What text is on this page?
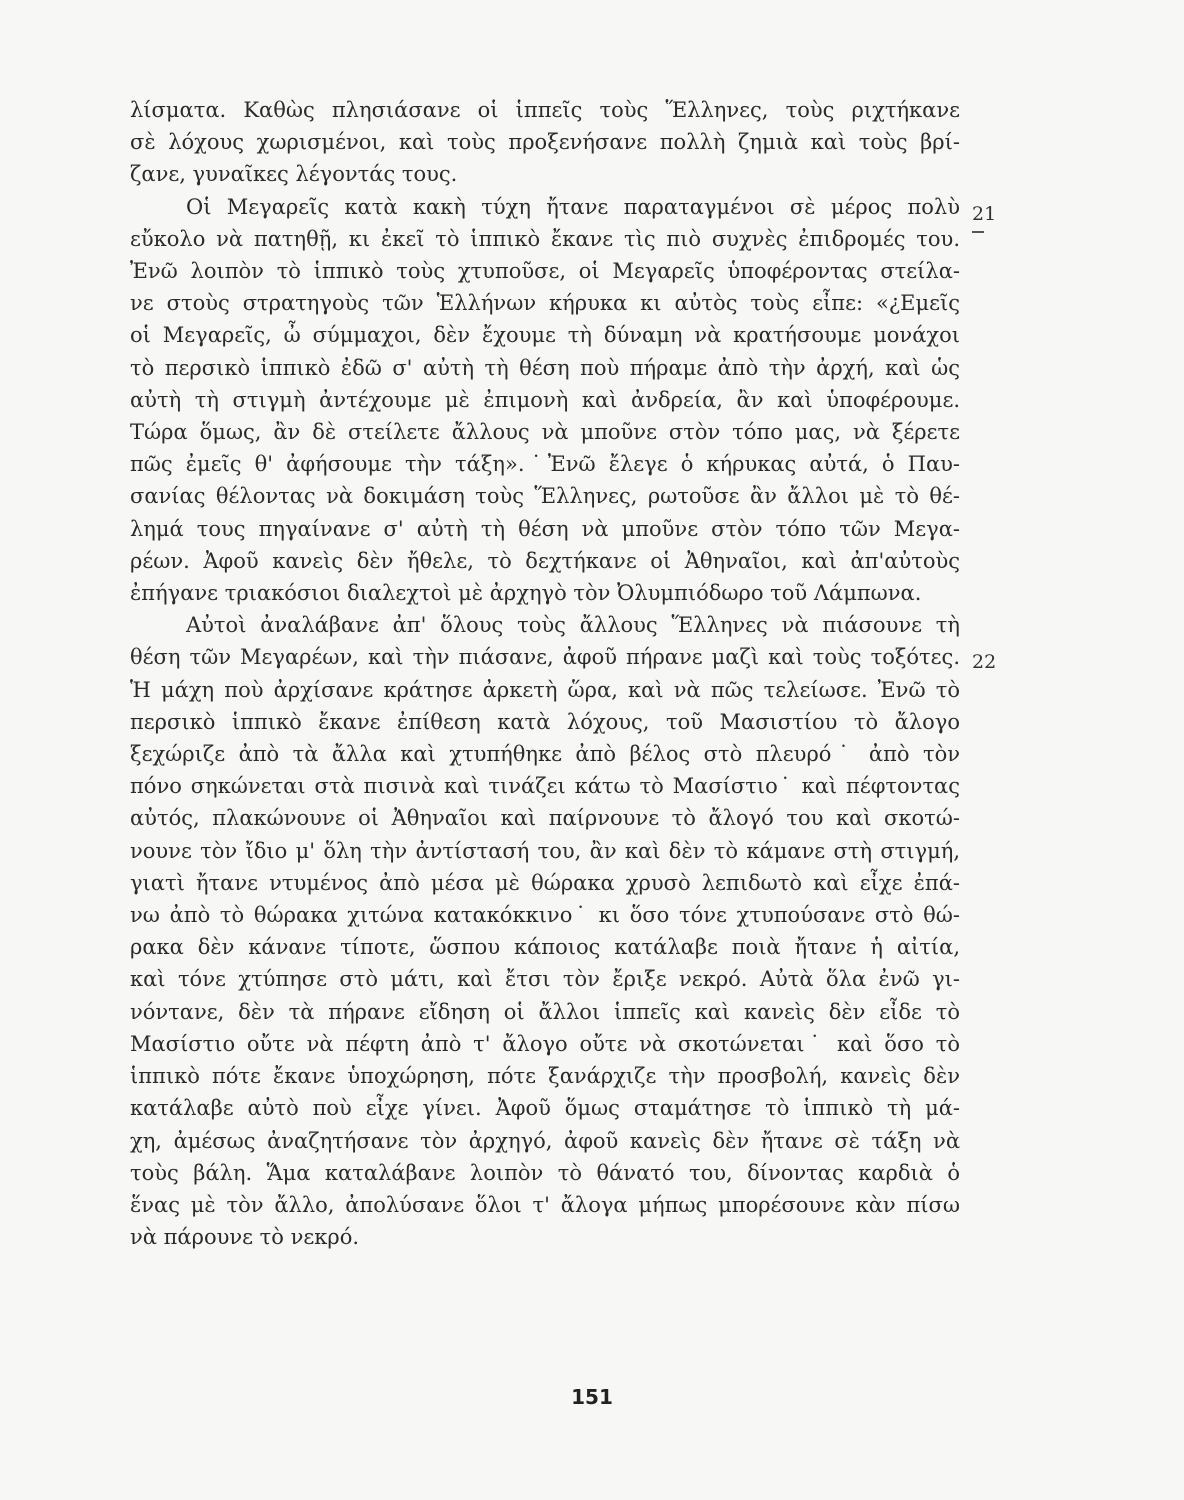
λίσματα. Καθὼς πλησιάσανε οἱ ἱππεῖς τοὺς Ἕλληνες, τοὺς ριχτήκανε
σὲ λόχους χωρισμένοι, καὶ τοὺς προξενήσανε πολλὴ ζημιὰ καὶ τοὺς βρί-
ζανε, γυναῖκες λέγοντάς τους.
Οἱ Μεγαρεῖς κατὰ κακὴ τύχη ἤτανε παραταγμένοι σὲ μέρος πολὺ
εὔκολο νὰ πατηθῇ, κι ἐκεῖ τὸ ἱππικὸ ἔκανε τὶς πιὸ συχνὲς ἐπιδρομές του.
Ἐνῶ λοιπὸν τὸ ἱππικὸ τοὺς χτυποῦσε, οἱ Μεγαρεῖς ὑποφέροντας στείλα-
νε στοὺς στρατηγοὺς τῶν Ἑλλήνων κήρυκα κι αὐτὸς τοὺς εἶπε: «¿Εμεῖς
οἱ Μεγαρεῖς, ὦ σύμμαχοι, δὲν ἔχουμε τὴ δύναμη νὰ κρατήσουμε μονάχοι
τὸ περσικὸ ἱππικὸ ἐδῶ σ' αὐτὴ τὴ θέση ποὺ πήραμε ἀπὸ τὴν ἀρχή, καὶ ὡς
αὐτὴ τὴ στιγμὴ ἀντέχουμε μὲ ἐπιμονὴ καὶ ἀνδρεία, ἂν καὶ ὑποφέρουμε.
Τώρα ὅμως, ἂν δὲ στείλετε ἄλλους νὰ μποῦνε στὸν τόπο μας, νὰ ξέρετε
πῶς ἐμεῖς θ' ἀφήσουμε τὴν τάξη».˙Ἐνῶ ἔλεγε ὁ κήρυκας αὐτά, ὁ Παυ-
σανίας θέλοντας νὰ δοκιμάση τοὺς Ἕλληνες, ρωτοῦσε ἂν ἄλλοι μὲ τὸ θέ-
λημά τους πηγαίνανε σ' αὐτὴ τὴ θέση νὰ μποῦνε στὸν τόπο τῶν Μεγα-
ρέων. Ἀφοῦ κανεὶς δὲν ἤθελε, τὸ δεχτήκανε οἱ Ἀθηναῖοι, καὶ ἀπ'αὐτοὺς
ἐπήγανε τριακόσιοι διαλεχτοὶ μὲ ἀρχηγὸ τὸν Ὀλυμπιόδωρο τοῦ Λάμπωνα.
Αὐτοὶ ἀναλάβανε ἀπ' ὅλους τοὺς ἄλλους Ἕλληνες νὰ πιάσουνε τὴ
θέση τῶν Μεγαρέων, καὶ τὴν πιάσανε, ἀφοῦ πήρανε μαζὶ καὶ τοὺς τοξότες.
Ἡ μάχη ποὺ ἀρχίσανε κράτησε ἀρκετὴ ὥρα, καὶ νὰ πῶς τελείωσε. Ἐνῶ τὸ
περσικὸ ἱππικὸ ἔκανε ἐπίθεση κατὰ λόχους, τοῦ Μασιστίου τὸ ἄλογο
ξεχώριζε ἀπὸ τὰ ἄλλα καὶ χτυπήθηκε ἀπὸ βέλος στὸ πλευρό˙ ἀπὸ τὸν
πόνο σηκώνεται στὰ πισινὰ καὶ τινάζει κάτω τὸ Μασίστιο˙ καὶ πέφτοντας
αὐτός, πλακώνουνε οἱ Ἀθηναῖοι καὶ παίρνουνε τὸ ἄλογό του καὶ σκοτώ-
νουνε τὸν ἴδιο μ' ὅλη τὴν ἀντίστασή του, ἂν καὶ δὲν τὸ κάμανε στὴ στιγμή,
γιατὶ ἤτανε ντυμένος ἀπὸ μέσα μὲ θώρακα χρυσὸ λεπιδωτὸ καὶ εἶχε ἐπά-
νω ἀπὸ τὸ θώρακα χιτώνα κατακόκκινο˙ κι ὅσο τόνε χτυπούσανε στὸ θώ-
ρακα δὲν κάνανε τίποτε, ὥσπου κάποιος κατάλαβε ποιὰ ἤτανε ἡ αἰτία,
καὶ τόνε χτύπησε στὸ μάτι, καὶ ἔτσι τὸν ἔριξε νεκρό. Αὐτὰ ὅλα ἐνῶ γι-
νόντανε, δὲν τὰ πήρανε εἴδηση οἱ ἄλλοι ἱππεῖς καὶ κανεὶς δὲν εἶδε τὸ
Μασίστιο οὔτε νὰ πέφτη ἀπὸ τ' ἄλογο οὔτε νὰ σκοτώνεται˙ καὶ ὅσο τὸ
ἱππικὸ πότε ἔκανε ὑποχώρηση, πότε ξανάρχιζε τὴν προσβολή, κανεὶς δὲν
κατάλαβε αὐτὸ ποὺ εἶχε γίνει. Ἀφοῦ ὅμως σταμάτησε τὸ ἱππικὸ τὴ μά-
χη, ἀμέσως ἀναζητήσανε τὸν ἀρχηγό, ἀφοῦ κανεὶς δὲν ἤτανε σὲ τάξη νὰ
τοὺς βάλη. Ἅμα καταλάβανε λοιπὸν τὸ θάνατό του, δίνοντας καρδιὰ ὁ
ἕνας μὲ τὸν ἄλλο, ἀπολύσανε ὅλοι τ' ἄλογα μήπως μπορέσουνε κὰν πίσω
νὰ πάρουνε τὸ νεκρό.
21
22
151
